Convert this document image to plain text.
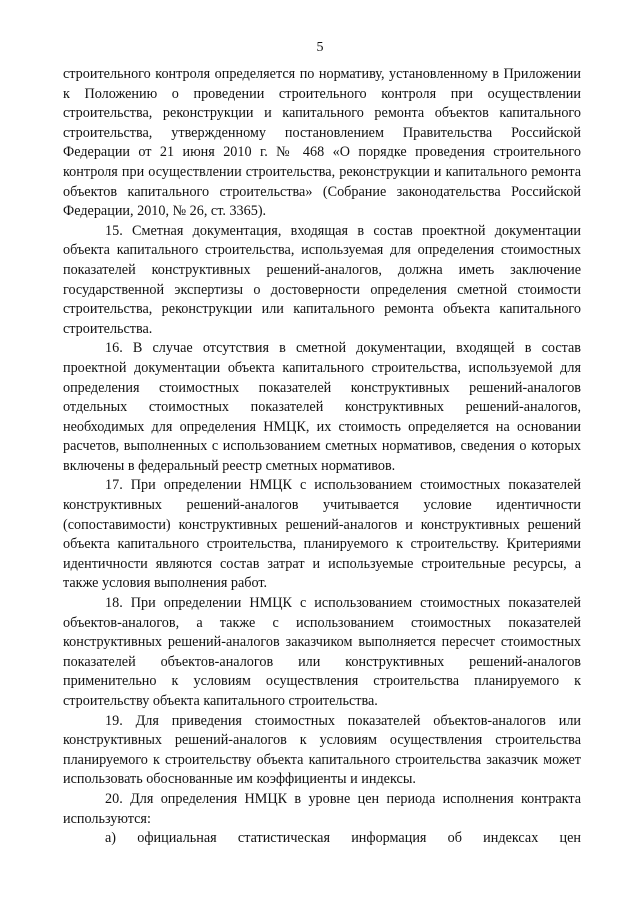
5

строительного контроля определяется по нормативу, установленному в Приложении к Положению о проведении строительного контроля при осуществлении строительства, реконструкции и капитального ремонта объектов капитального строительства, утвержденному постановлением Правительства Российской Федерации от 21 июня 2010 г. № 468 «О порядке проведения строительного контроля при осуществлении строительства, реконструкции и капитального ремонта объектов капитального строительства» (Собрание законодательства Российской Федерации, 2010, № 26, ст. 3365).

15. Сметная документация, входящая в состав проектной документации объекта капитального строительства, используемая для определения стоимостных показателей конструктивных решений-аналогов, должна иметь заключение государственной экспертизы о достоверности определения сметной стоимости строительства, реконструкции или капитального ремонта объекта капитального строительства.

16. В случае отсутствия в сметной документации, входящей в состав проектной документации объекта капитального строительства, используемой для определения стоимостных показателей конструктивных решений-аналогов отдельных стоимостных показателей конструктивных решений-аналогов, необходимых для определения НМЦК, их стоимость определяется на основании расчетов, выполненных с использованием сметных нормативов, сведения о которых включены в федеральный реестр сметных нормативов.

17. При определении НМЦК с использованием стоимостных показателей конструктивных решений-аналогов учитывается условие идентичности (сопоставимости) конструктивных решений-аналогов и конструктивных решений объекта капитального строительства, планируемого к строительству. Критериями идентичности являются состав затрат и используемые строительные ресурсы, а также условия выполнения работ.

18. При определении НМЦК с использованием стоимостных показателей объектов-аналогов, а также с использованием стоимостных показателей конструктивных решений-аналогов заказчиком выполняется пересчет стоимостных показателей объектов-аналогов или конструктивных решений-аналогов применительно к условиям осуществления строительства планируемого к строительству объекта капитального строительства.

19. Для приведения стоимостных показателей объектов-аналогов или конструктивных решений-аналогов к условиям осуществления строительства планируемого к строительству объекта капитального строительства заказчик может использовать обоснованные им коэффициенты и индексы.

20. Для определения НМЦК в уровне цен периода исполнения контракта используются:

а) официальная статистическая информация об индексах цен
